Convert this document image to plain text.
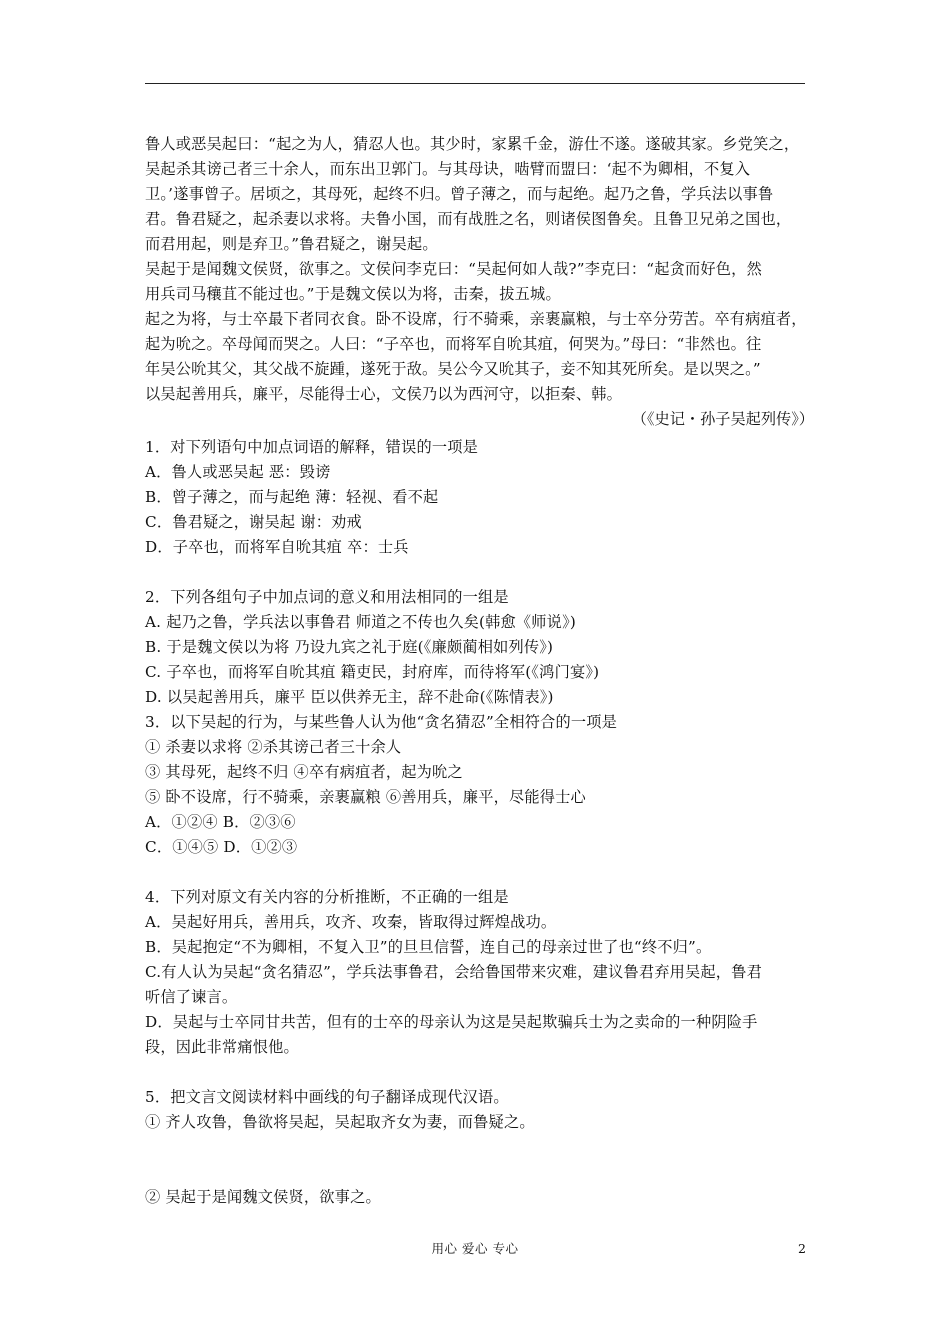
鲁人或恶吴起曰：“起之为人，猜忍人也。其少时，家累千金，游仕不遂。遂破其家。乡党笑之，
吴起杀其谤己者三十余人，而东出卫郭门。与其母诀，啮臂而盟曰：‘起不为卿相，不复入
卫。’遂事曾子。居顷之，其母死，起终不归。曾子薄之，而与起绝。起乃之鲁，学兵法以事鲁
君。鲁君疑之，起杀妻以求将。夫鲁小国，而有战胜之名，则诸侯图鲁矣。且鲁卫兄弟之国也，
而君用起，则是弃卫。”鲁君疑之，谢吴起。
吴起于是闻魏文侯贤，欲事之。文侯问李克曰：“吴起何如人哉?”李克曰：“起贪而好色，然
用兵司马穰苴不能过也。”于是魏文侯以为将，击秦，拔五城。
起之为将，与士卒最下者同衣食。卧不设席，行不骑乘，亲裹赢粮，与士卒分劳苦。卒有病疽者，
起为吮之。卒母闻而哭之。人曰：“子卒也，而将军自吮其疽，何哭为。”母曰：“非然也。往
年吴公吮其父，其父战不旋踵，遂死于敌。吴公今又吮其子，妾不知其死所矣。是以哭之。”
以吴起善用兵，廉平，尽能得士心，文侯乃以为西河守，以拒秦、韩。
（《史记・孙子吴起列传》）
1．对下列语句中加点词语的解释，错误的一项是
A．鲁人或恶吴起 恶：毁谤
B．曾子薄之，而与起绝 薄：轻视、看不起
C．鲁君疑之，谢吴起 谢：劝戒
D．子卒也，而将军自吮其疽 卒：士兵
2．下列各组句子中加点词的意义和用法相同的一组是
A. 起乃之鲁，学兵法以事鲁君 师道之不传也久矣(韩愈《师说》)
B. 于是魏文侯以为将 乃设九宾之礼于庭(《廉颇蔺相如列传》)
C. 子卒也，而将军自吮其疽 籍吏民，封府库，而待将军(《鸿门宴》)
D. 以吴起善用兵，廉平 臣以供养无主，辞不赴命(《陈情表》)
3．以下吴起的行为，与某些鲁人认为他“贪名猜忍”全相符合的一项是
① 杀妻以求将 ②杀其谤己者三十余人
③ 其母死，起终不归 ④卒有病疽者，起为吮之
⑤ 卧不设席，行不骑乘，亲裹赢粮 ⑥善用兵，廉平，尽能得士心
A．①②④ B．②③⑥
C．①④⑤ D．①②③
4．下列对原文有关内容的分析推断，不正确的一组是
A．吴起好用兵，善用兵，攻齐、攻秦，皆取得过辉煌战功。
B．吴起抱定“不为卿相，不复入卫”的旦旦信誓，连自己的母亲过世了也“终不归”。
C.有人认为吴起“贪名猜忍”，学兵法事鲁君，会给鲁国带来灾难，建议鲁君弃用吴起，鲁君
听信了谏言。
D．吴起与士卒同甘共苦，但有的士卒的母亲认为这是吴起欺骗兵士为之卖命的一种阴险手
段，因此非常痛恨他。
5．把文言文阅读材料中画线的句子翻译成现代汉语。
① 齐人攻鲁，鲁欲将吴起，吴起取齐女为妻，而鲁疑之。
② 吴起于是闻魏文侯贤，欲事之。
用心 爱心 专心	2
